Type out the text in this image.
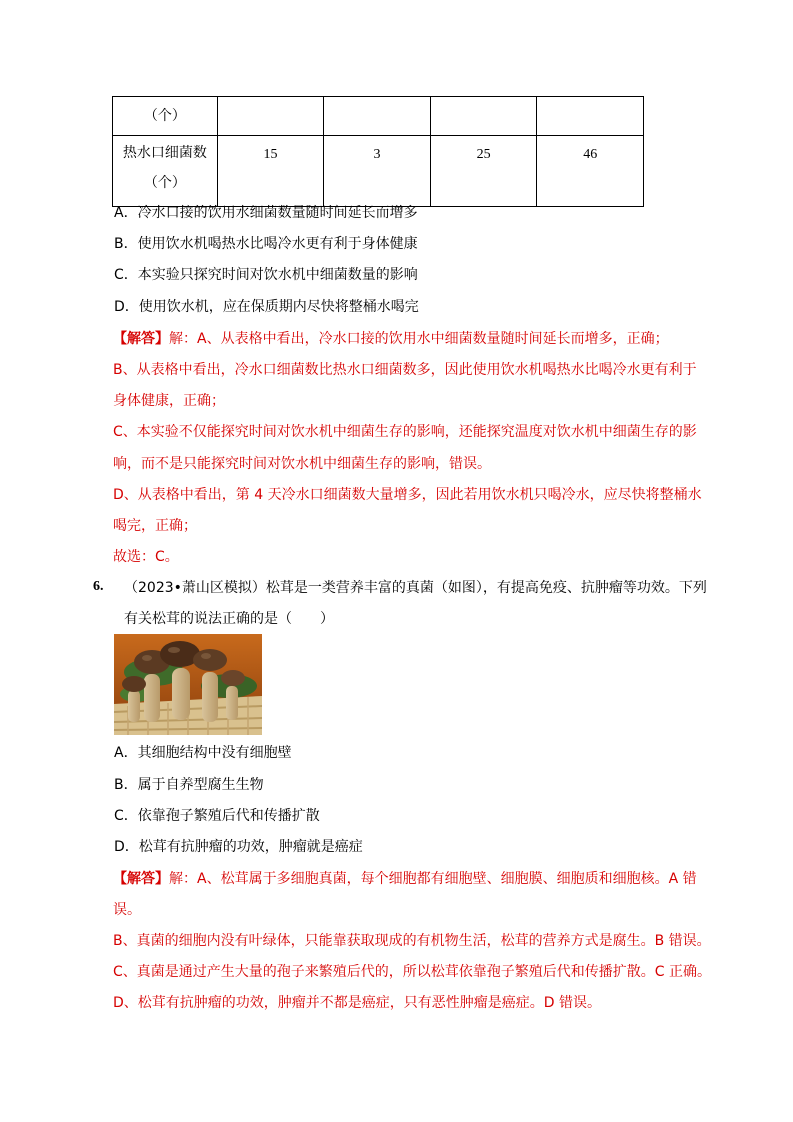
（个）				

热水口细菌数
（个）	15	3	25	46
A．冷水口接的饮用水细菌数量随时间延长而增多
B．使用饮水机喝热水比喝冷水更有利于身体健康
C．本实验只探究时间对饮水机中细菌数量的影响
D．使用饮水机，应在保质期内尽快将整桶水喝完
【解答】解：A、从表格中看出，冷水口接的饮用水中细菌数量随时间延长而增多，正确；
B、从表格中看出，冷水口细菌数比热水口细菌数多，因此使用饮水机喝热水比喝冷水更有利于
身体健康，正确；
C、本实验不仅能探究时间对饮水机中细菌生存的影响，还能探究温度对饮水机中细菌生存的影
响，而不是只能探究时间对饮水机中细菌生存的影响，错误。
D、从表格中看出，第 4 天冷水口细菌数大量增多，因此若用饮水机只喝冷水，应尽快将整桶水
喝完，正确；
故选：C。
6. （2023•萧山区模拟）松茸是一类营养丰富的真菌（如图），有提高免疫、抗肿瘤等功效。下列
有关松茸的说法正确的是（　　）
A．其细胞结构中没有细胞壁
B．属于自养型腐生生物
C．依靠孢子繁殖后代和传播扩散
D．松茸有抗肿瘤的功效，肿瘤就是癌症
【解答】解：A、松茸属于多细胞真菌，每个细胞都有细胞壁、细胞膜、细胞质和细胞核。A 错
误。
B、真菌的细胞内没有叶绿体，只能靠获取现成的有机物生活，松茸的营养方式是腐生。B 错误。
C、真菌是通过产生大量的孢子来繁殖后代的，所以松茸依靠孢子繁殖后代和传播扩散。C 正确。
D、松茸有抗肿瘤的功效，肿瘤并不都是癌症，只有恶性肿瘤是癌症。D 错误。
